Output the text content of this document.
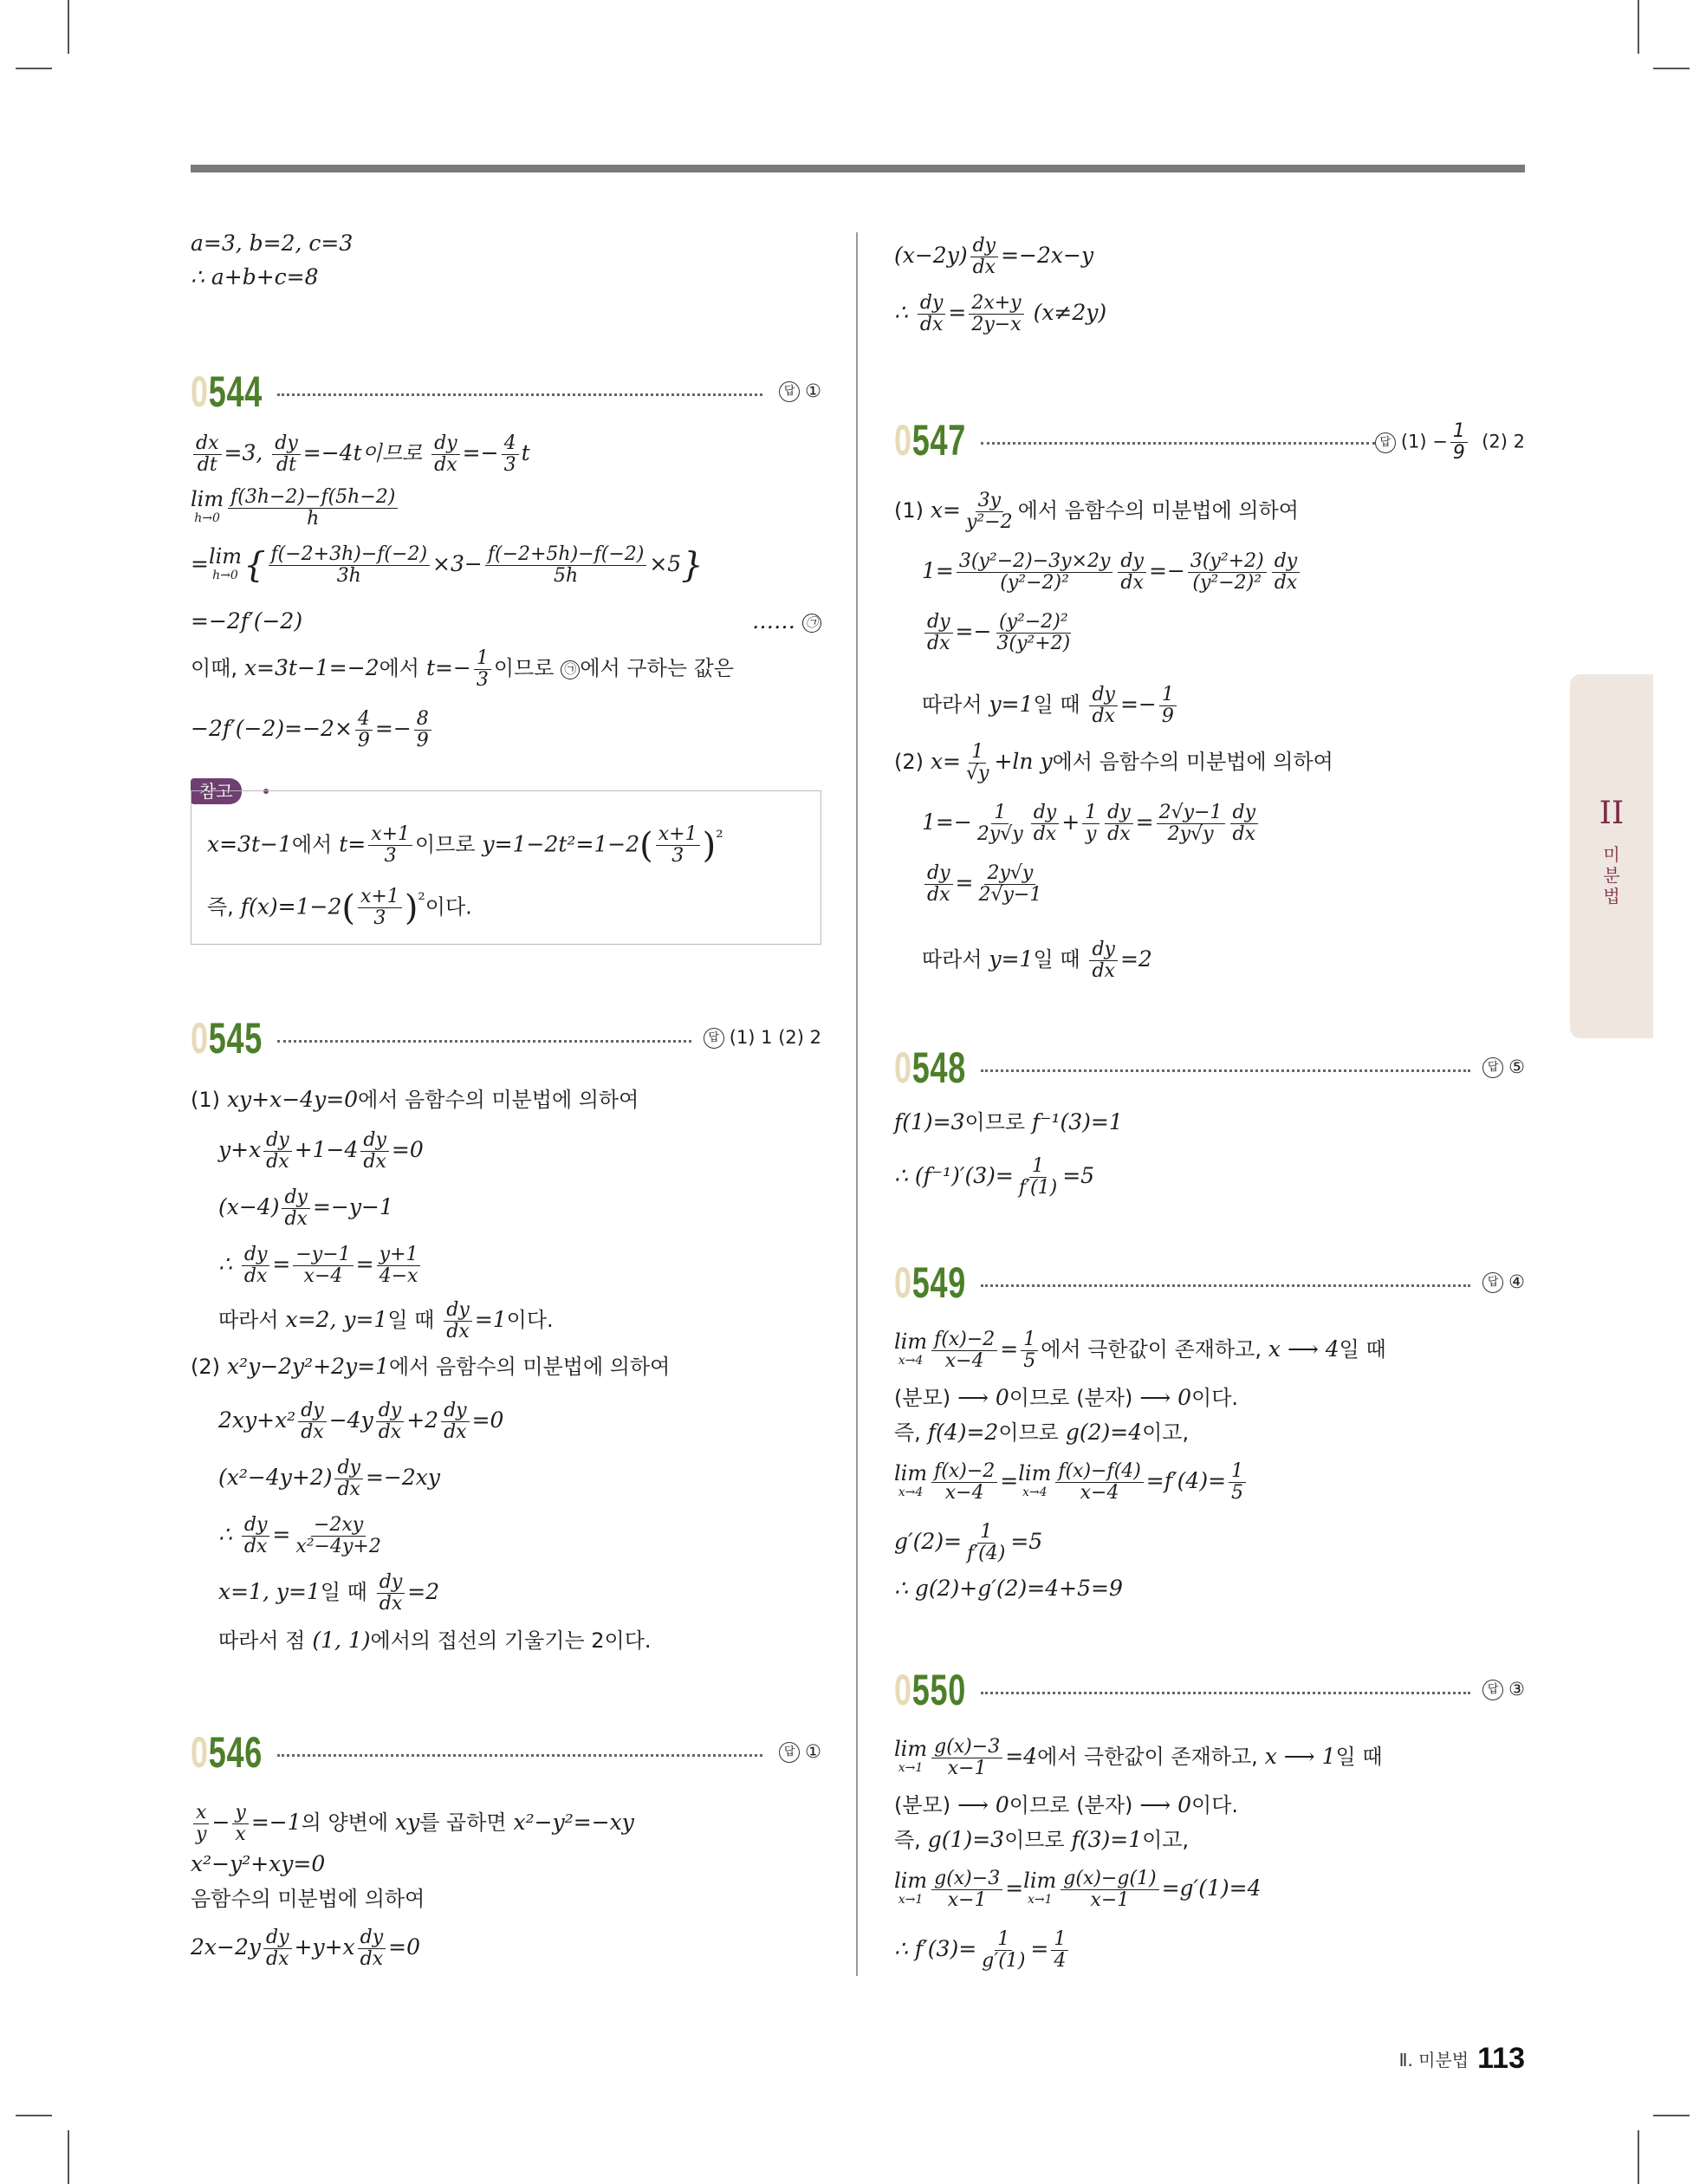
a=3, b=2, c=3
∴ a+b+c=8
0544	답 ①
$\frac{dx}{dt} =3$, $\frac{dy}{dt} =-4t$이므로 $\frac{dy}{dx} =- \frac{4}{3}$ t
lim
$h\to 0 \frac{f(3h-2)-f(5h-2)}{h}$
= lim
h→0 { $\frac{f(-2+3h)-f(-2)}{3h} \times 3- \frac{f(-2+5h)-f(-2)}{5h} \times 5$}
=−2f′(−2)	…… ㉠
이때, x=3t−1=−2에서 $t=- \frac{1}{3}$ 이므로 ㉠ 에서 구하는 값은
$-2f'(-2)=-2\times \frac{4}{9} =- \frac{8}{9}$
참고
x=3t−1에서 $t= \frac{x+1}{3}$ 이므로 $y=1-2t^2=1-2( \frac{x+1}{3} )^{^2}$
즉, $f(x)=1-2( \frac{x+1}{3} )^{^2}$이다.
0545	답 (1) 1 (2) 2
(1) xy+x−4y=0에서 음함수의 미분법에 의하여
$y+x \frac{dy}{dx} +1-4 \frac{dy}{dx} =0$
$(x-4) \frac{dy}{dx} =-y-1$
∴ $\frac{dy}{dx} = \frac{-y-1}{x-4} = \frac{y+1}{4-x}$
따라서 x=2, y=1일 때 $\frac{dy}{dx} =1$이다.
(2) x²y−2y²+2y=1에서 음함수의 미분법에 의하여
$2xy+x^2 \frac{dy}{dx} -4y \frac{dy}{dx} +2 \frac{dy}{dx} =0$
$(x^2-4y+2) \frac{dy}{dx} =-2xy$
∴ $\frac{dy}{dx} = \frac{-2xy}{\text{x²−4y+2}}$
x=1, y=1일 때 $\frac{dy}{dx} =2$
따라서 점 (1, 1)에서의 접선의 기울기는 2이다.
0546	답 ①
$\frac{x}{y} - \frac{y}{x} =-1$의 양변에 xy를 곱하면 x²−y²=−xy
x²−y²+xy=0
음함수의 미분법에 의하여
$2x-2y \frac{dy}{dx} +y+x \frac{dy}{dx} =0$
$(x-2y) \frac{dy}{dx} =-2x-y$
∴ $\frac{dy}{dx} = \frac{2x+y}{2y-x} (x\ne 2y)$
0547	답 $(1) - \frac{1}{9} (2)$ 2
(1) $x= \frac{3y}{\text{y²−2}}$ 에서 음함수의 미분법에 의하여
$1= \frac{\text{3(y²−2)−3y×2y}}{\text{(y²−2)²}} \frac{dy}{dx} =- \frac{\text{3(y²+2)}}{\text{(y²−2)²}} \frac{dy}{dx}$
$\frac{dy}{dx} =- \frac{\text{(y²−2)²}}{\text{3(y²+2)}}$
따라서 y=1일 때 $\frac{dy}{dx} =- \frac{1}{9}$
(2) $x= \frac{1}{√y} +\ln$ y에서 음함수의 미분법에 의하여
$1=- \frac{1}{2y√y} \frac{dy}{dx} + \frac{1}{y} \frac{dy}{dx} = \frac{2√y-1}{2y√y} \frac{dy}{dx}$
$\frac{dy}{dx} = \frac{2y√y}{2√y-1}$
따라서 y=1일 때 $\frac{dy}{dx} =2$
0548	답 ⑤
f(1)=3이므로 f⁻¹(3)=1
∴ $(f^{-1})'(3)= \frac{1}{f'(1)} =5$
0549	답 ④
lim
$x\to 4 \frac{f(x)-2}{x-4} = \frac{1}{5}$ 에서 극한값이 존재하고, x ⟶ 4일 때
(분모) ⟶ 0이므로 (분자) ⟶ 0이다.
즉, f(4)=2이므로 g(2)=4이고,
lim
$x\to 4 \frac{f(x)-2}{x-4} = \lim$
$x\to 4 \frac{f(x)-f(4)}{x-4} =f'(4)= \frac{1}{5}$
$g'(2)= \frac{1}{f'(4)} =5$
∴ g(2)+g′(2)=4+5=9
0550	답 ③
lim
$x\to 1 \frac{g(x)-3}{x-1} =4$에서 극한값이 존재하고, x ⟶ 1일 때
(분모) ⟶ 0이므로 (분자) ⟶ 0이다.
즉, g(1)=3이므로 f(3)=1이고,
lim
$x\to 1 \frac{g(x)-3}{x-1} = \lim$
$x\to 1 \frac{g(x)-g(1)}{x-1} =g'(1)=4$
∴ $f'(3)= \frac{1}{g'(1)} = \frac{1}{4}$
II
미
분
법
Ⅱ. 미분법 113
